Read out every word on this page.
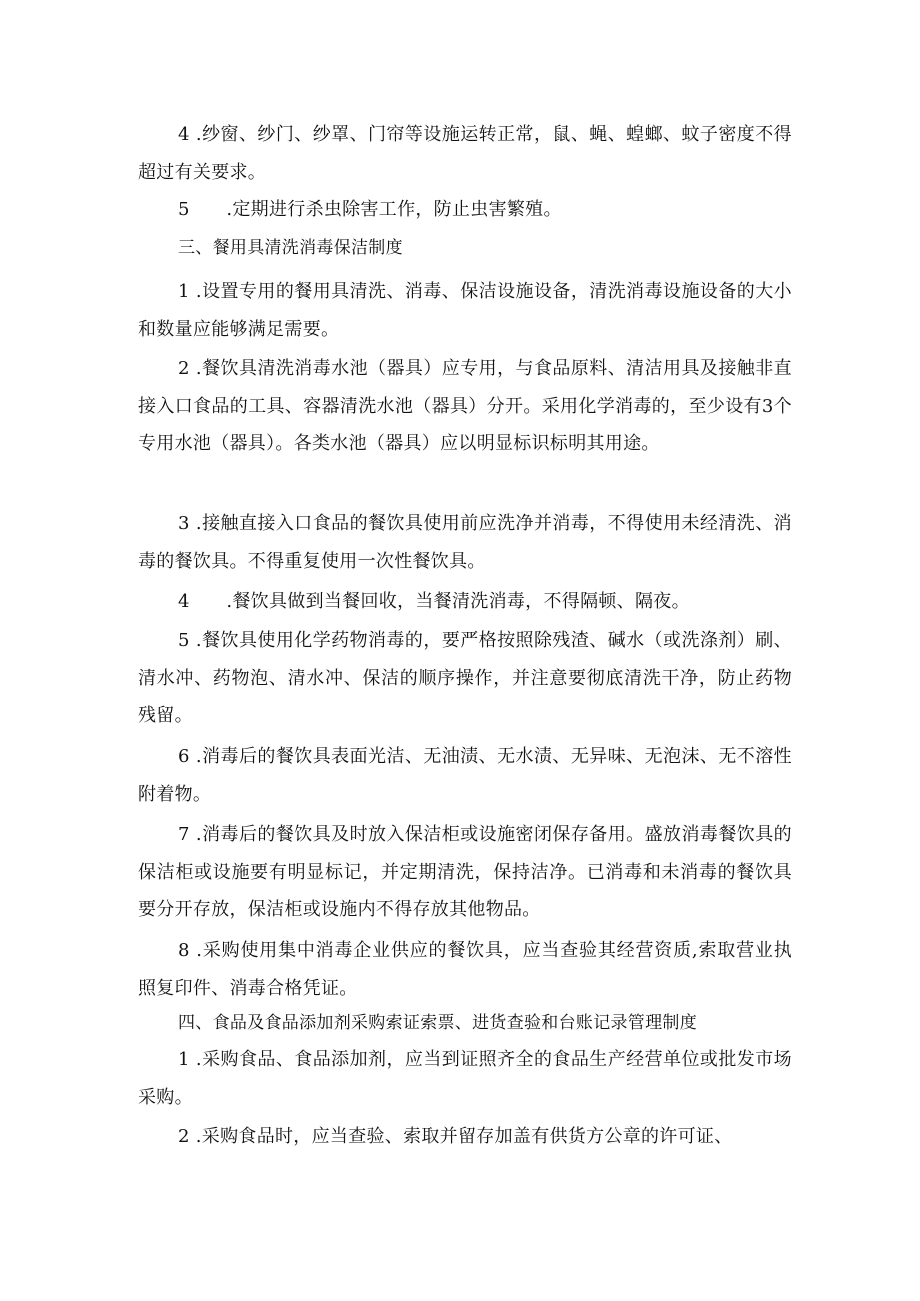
4 .纱窗、纱门、纱罩、门帘等设施运转正常，鼠、蝇、蝗螂、蚊子密度不得超过有关要求。

5　　.定期进行杀虫除害工作，防止虫害繁殖。

三、餐用具清洗消毒保洁制度

1 .设置专用的餐用具清洗、消毒、保洁设施设备，清洗消毒设施设备的大小和数量应能够满足需要。

2 .餐饮具清洗消毒水池（器具）应专用，与食品原料、清洁用具及接触非直接入口食品的工具、容器清洗水池（器具）分开。采用化学消毒的，至少设有3个专用水池（器具）。各类水池（器具）应以明显标识标明其用途。

3 .接触直接入口食品的餐饮具使用前应洗净并消毒，不得使用未经清洗、消毒的餐饮具。不得重复使用一次性餐饮具。

4　　.餐饮具做到当餐回收，当餐清洗消毒，不得隔顿、隔夜。

5 .餐饮具使用化学药物消毒的，要严格按照除残渣、碱水（或洗涤剂）刷、清水冲、药物泡、清水冲、保洁的顺序操作，并注意要彻底清洗干净，防止药物残留。

6 .消毒后的餐饮具表面光洁、无油渍、无水渍、无异味、无泡沫、无不溶性附着物。

7 .消毒后的餐饮具及时放入保洁柜或设施密闭保存备用。盛放消毒餐饮具的保洁柜或设施要有明显标记，并定期清洗，保持洁净。已消毒和未消毒的餐饮具要分开存放，保洁柜或设施内不得存放其他物品。

8 .采购使用集中消毒企业供应的餐饮具，应当查验其经营资质,索取营业执照复印件、消毒合格凭证。

四、食品及食品添加剂采购索证索票、进货查验和台账记录管理制度

1 .采购食品、食品添加剂，应当到证照齐全的食品生产经营单位或批发市场采购。

2 .采购食品时，应当查验、索取并留存加盖有供货方公章的许可证、
